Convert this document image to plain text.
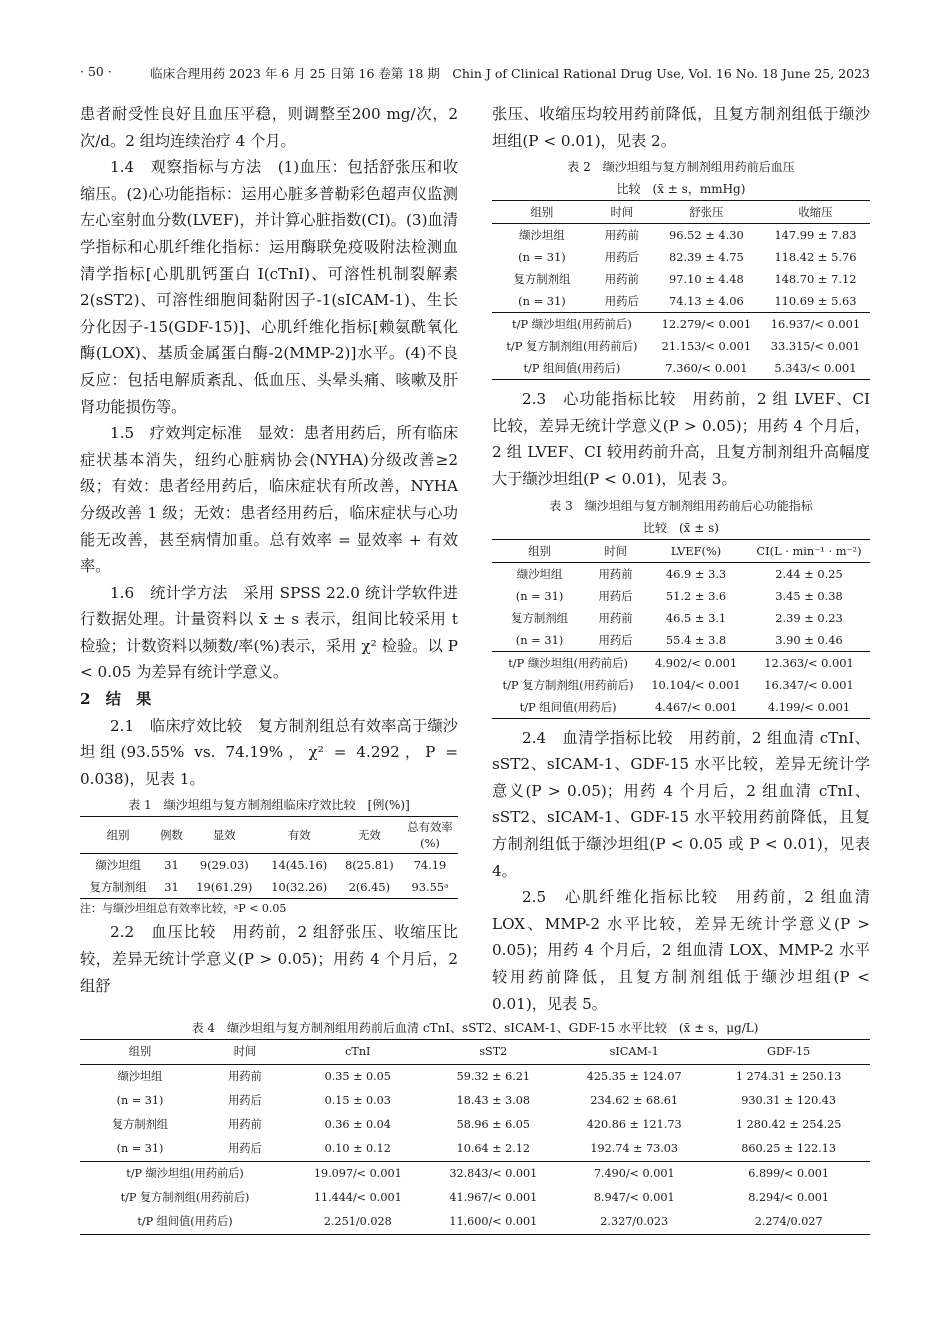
· 50 ·	临床合理用药 2023 年 6 月 25 日第 16 卷第 18 期　Chin J of Clinical Rational Drug Use, Vol. 16 No. 18 June 25, 2023

患者耐受性良好且血压平稳，则调整至200 mg/次，2 次/d。2 组均连续治疗 4 个月。

1.4　观察指标与方法　(1)血压：包括舒张压和收缩压。(2)心功能指标：运用心脏多普勒彩色超声仪监测左心室射血分数(LVEF)，并计算心脏指数(CI)。(3)血清学指标和心肌纤维化指标：运用酶联免疫吸附法检测血清学指标[心肌肌钙蛋白 I(cTnI)、可溶性机制裂解素 2(sST2)、可溶性细胞间黏附因子-1(sICAM-1)、生长分化因子-15(GDF-15)]、心肌纤维化指标[赖氨酰氧化酶(LOX)、基质金属蛋白酶-2(MMP-2)]水平。(4)不良反应：包括电解质紊乱、低血压、头晕头痛、咳嗽及肝肾功能损伤等。

1.5　疗效判定标准　显效：患者用药后，所有临床症状基本消失，纽约心脏病协会(NYHA)分级改善≥2 级；有效：患者经用药后，临床症状有所改善，NYHA分级改善 1 级；无效：患者经用药后，临床症状与心功能无改善，甚至病情加重。总有效率 = 显效率 + 有效率。

1.6　统计学方法　采用 SPSS 22.0 统计学软件进行数据处理。计量资料以 x̄ ± s 表示，组间比较采用 t 检验；计数资料以频数/率(%)表示，采用 χ² 检验。以 P < 0.05 为差异有统计学意义。

2　结　果

2.1　临床疗效比较　复方制剂组总有效率高于缬沙坦组(93.55% vs. 74.19%，χ² = 4.292，P = 0.038)，见表 1。

表 1　缬沙坦组与复方制剂组临床疗效比较　[例(%)]

组别	例数	显效	有效	无效	总有效率(%)
缬沙坦组	31	9(29.03)	14(45.16)	8(25.81)	74.19
复方制剂组	31	19(61.29)	10(32.26)	2(6.45)	93.55ᵃ

注：与缬沙坦组总有效率比较，ᵃP < 0.05

2.2　血压比较　用药前，2 组舒张压、收缩压比较，差异无统计学意义(P > 0.05)；用药 4 个月后，2 组舒

张压、收缩压均较用药前降低，且复方制剂组低于缬沙坦组(P < 0.01)，见表 2。

表 2　缬沙坦组与复方制剂组用药前后血压

比较　(x̄ ± s，mmHg)

组别	时间	舒张压	收缩压
缬沙坦组	用药前	96.52 ± 4.30	147.99 ± 7.83
(n = 31)	用药后	82.39 ± 4.75	118.42 ± 5.76
复方制剂组	用药前	97.10 ± 4.48	148.70 ± 7.12
(n = 31)	用药后	74.13 ± 4.06	110.69 ± 5.63
t/P 缬沙坦组(用药前后)		12.279/< 0.001	16.937/< 0.001
t/P 复方制剂组(用药前后)		21.153/< 0.001	33.315/< 0.001
t/P 组间值(用药后)		7.360/< 0.001	5.343/< 0.001

2.3　心功能指标比较　用药前，2 组 LVEF、CI 比较，差异无统计学意义(P > 0.05)；用药 4 个月后，2 组 LVEF、CI 较用药前升高，且复方制剂组升高幅度大于缬沙坦组(P < 0.01)，见表 3。

表 3　缬沙坦组与复方制剂组用药前后心功能指标

比较　(x̄ ± s)

组别	时间	LVEF(%)	CI(L · min⁻¹ · m⁻²)
缬沙坦组	用药前	46.9 ± 3.3	2.44 ± 0.25
(n = 31)	用药后	51.2 ± 3.6	3.45 ± 0.38
复方制剂组	用药前	46.5 ± 3.1	2.39 ± 0.23
(n = 31)	用药后	55.4 ± 3.8	3.90 ± 0.46
t/P 缬沙坦组(用药前后)		4.902/< 0.001	12.363/< 0.001
t/P 复方制剂组(用药前后)		10.104/< 0.001	16.347/< 0.001
t/P 组间值(用药后)		4.467/< 0.001	4.199/< 0.001

2.4　血清学指标比较　用药前，2 组血清 cTnI、sST2、sICAM-1、GDF-15 水平比较，差异无统计学意义(P > 0.05)；用药 4 个月后，2 组血清 cTnI、sST2、sICAM-1、GDF-15 水平较用药前降低，且复方制剂组低于缬沙坦组(P < 0.05 或 P < 0.01)，见表 4。

2.5　心肌纤维化指标比较　用药前，2 组血清 LOX、MMP-2 水平比较，差异无统计学意义(P > 0.05)；用药 4 个月后，2 组血清 LOX、MMP-2 水平较用药前降低，且复方制剂组低于缬沙坦组(P < 0.01)，见表 5。

表 4　缬沙坦组与复方制剂组用药前后血清 cTnI、sST2、sICAM-1、GDF-15 水平比较　(x̄ ± s，μg/L)

组别	时间	cTnI	sST2	sICAM-1	GDF-15
缬沙坦组	用药前	0.35 ± 0.05	59.32 ± 6.21	425.35 ± 124.07	1 274.31 ± 250.13
(n = 31)	用药后	0.15 ± 0.03	18.43 ± 3.08	234.62 ± 68.61	930.31 ± 120.43
复方制剂组	用药前	0.36 ± 0.04	58.96 ± 6.05	420.86 ± 121.73	1 280.42 ± 254.25
(n = 31)	用药后	0.10 ± 0.12	10.64 ± 2.12	192.74 ± 73.03	860.25 ± 122.13
t/P 缬沙坦组(用药前后)		19.097/< 0.001	32.843/< 0.001	7.490/< 0.001	6.899/< 0.001
t/P 复方制剂组(用药前后)		11.444/< 0.001	41.967/< 0.001	8.947/< 0.001	8.294/< 0.001
t/P 组间值(用药后)		2.251/0.028	11.600/< 0.001	2.327/0.023	2.274/0.027
